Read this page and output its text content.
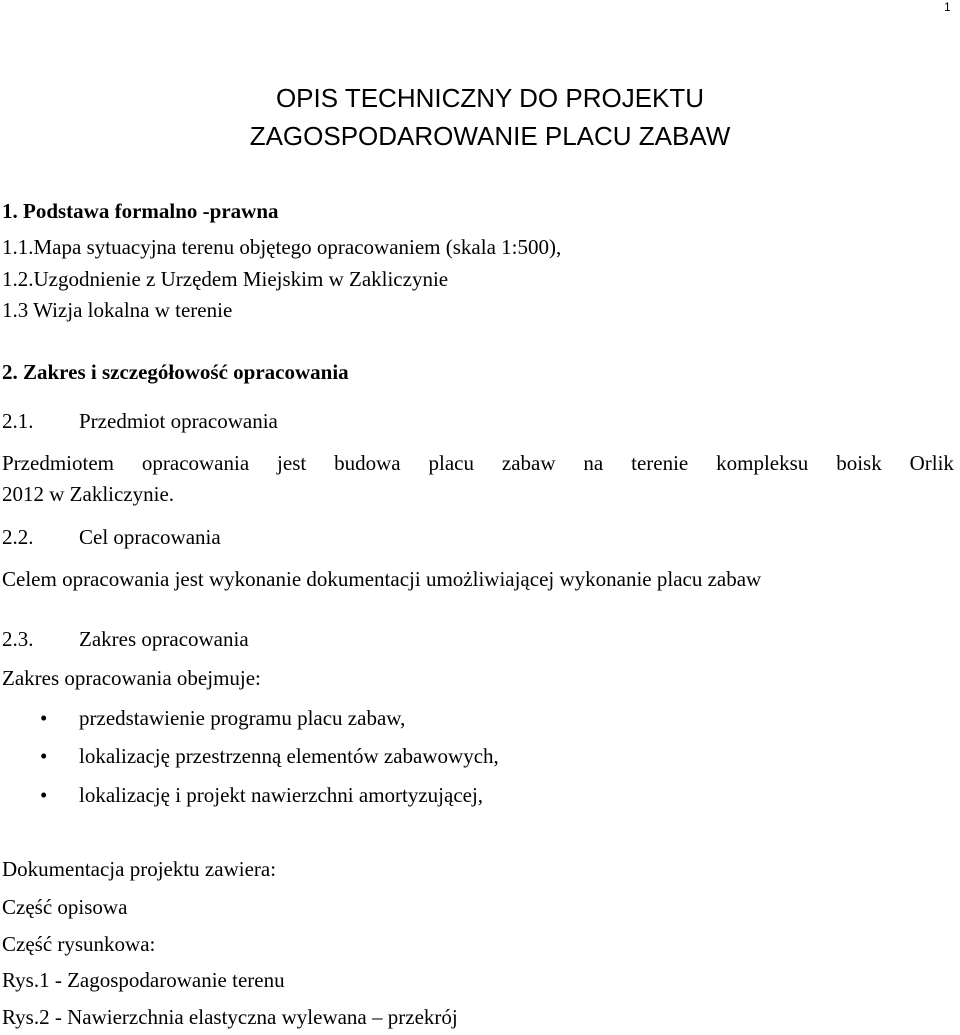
1
OPIS TECHNICZNY DO PROJEKTU
ZAGOSPODAROWANIE PLACU ZABAW
1. Podstawa formalno -prawna
1.1.Mapa sytuacyjna terenu objętego opracowaniem (skala 1:500),
1.2.Uzgodnienie z Urzędem Miejskim w Zakliczynie
1.3 Wizja lokalna w terenie
2. Zakres i szczegółowość opracowania
2.1. Przedmiot opracowania
Przedmiotem opracowania jest budowa placu zabaw na terenie kompleksu boisk Orlik
2012 w Zakliczynie.
2.2. Cel opracowania
Celem opracowania jest wykonanie dokumentacji umożliwiającej wykonanie placu zabaw
2.3. Zakres opracowania
Zakres opracowania obejmuje:
• przedstawienie programu placu zabaw,
• lokalizację przestrzenną elementów zabawowych,
• lokalizację i projekt nawierzchni amortyzującej,
Dokumentacja projektu zawiera:
Część opisowa
Część rysunkowa:
Rys.1 - Zagospodarowanie terenu
Rys.2 - Nawierzchnia elastyczna wylewana – przekrój
